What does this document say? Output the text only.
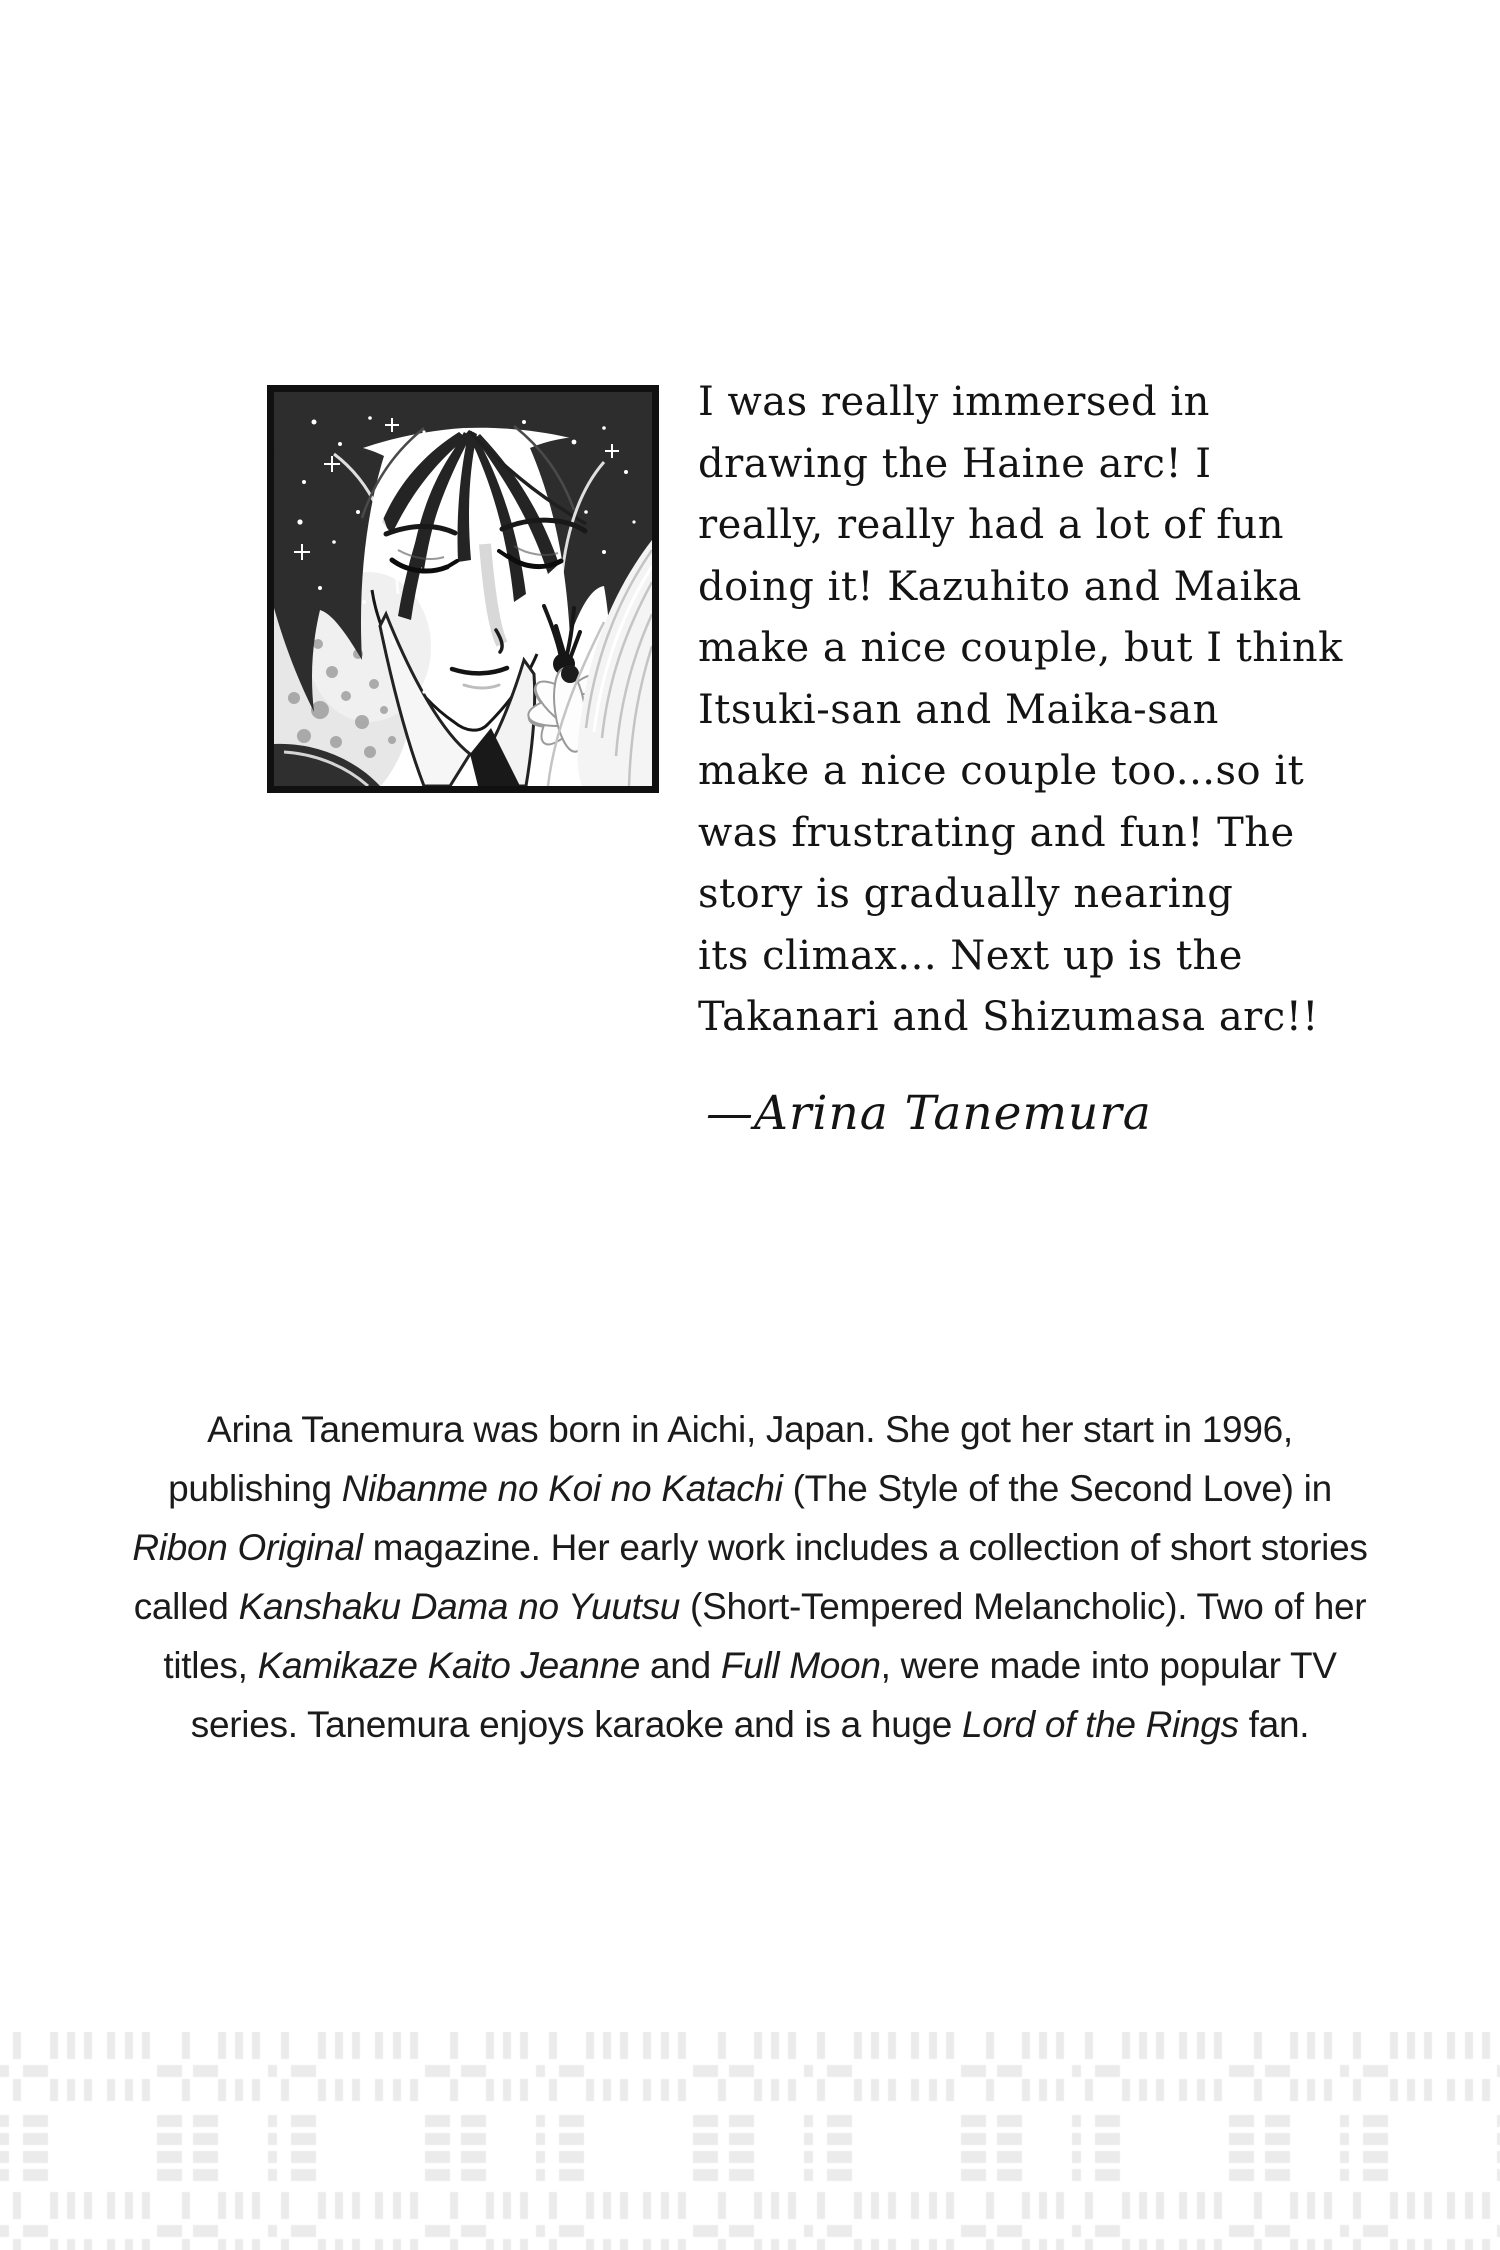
I was really immersed in
drawing the Haine arc! I
really, really had a lot of fun
doing it! Kazuhito and Maika
make a nice couple, but I think
Itsuki-san and Maika-san
make a nice couple too...so it
was frustrating and fun! The
story is gradually nearing
its climax... Next up is the
Takanari and Shizumasa arc!!
—Arina Tanemura
Arina Tanemura was born in Aichi, Japan. She got her start in 1996,
publishing Nibanme no Koi no Katachi (The Style of the Second Love) in
Ribon Original magazine. Her early work includes a collection of short stories
called Kanshaku Dama no Yuutsu (Short-Tempered Melancholic). Two of her
titles, Kamikaze Kaito Jeanne and Full Moon, were made into popular TV
series. Tanemura enjoys karaoke and is a huge Lord of the Rings fan.
